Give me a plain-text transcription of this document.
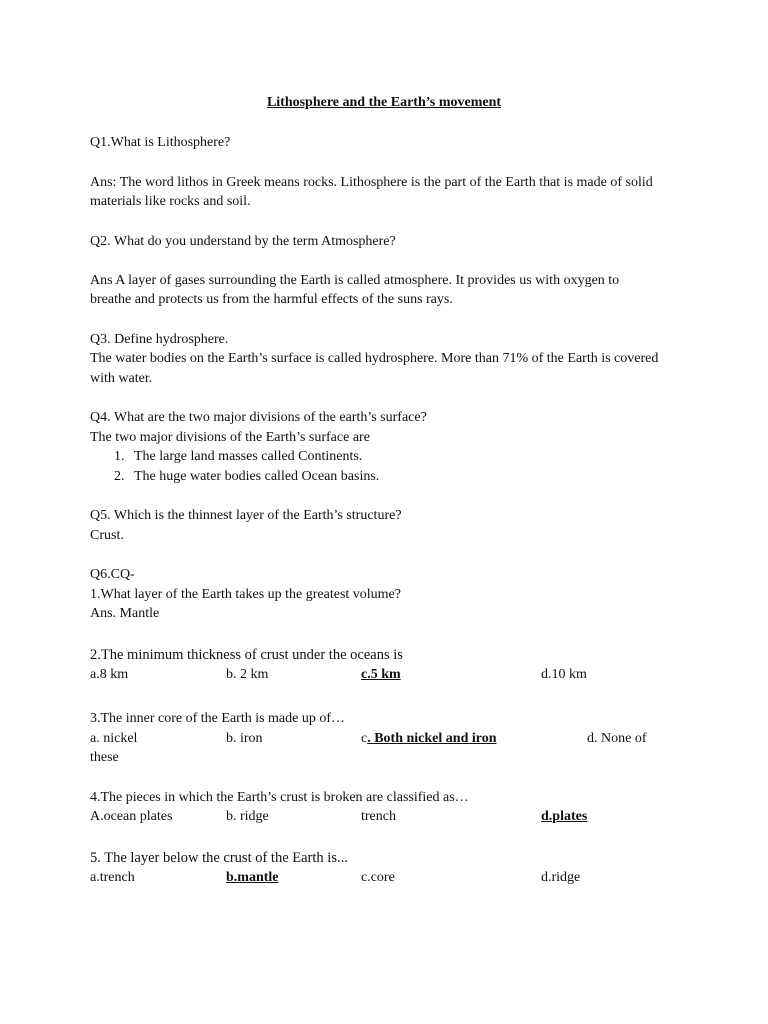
Lithosphere and the Earth’s movement
Q1.What is Lithosphere?
Ans: The word lithos in Greek means rocks. Lithosphere is the part of the Earth that is made of solid
materials like rocks and soil.
Q2. What do you understand by the term Atmosphere?
Ans A layer of gases surrounding the Earth is called atmosphere. It provides us with oxygen to
breathe and protects us from the harmful effects of the suns rays.
Q3. Define hydrosphere.
The water bodies on the Earth’s surface is called hydrosphere. More than 71% of the Earth is covered
with water.
Q4. What are the two major divisions of the earth’s surface?
The two major divisions of the Earth’s surface are
1. The large land masses called Continents.
2. The huge water bodies called Ocean basins.
Q5. Which is the thinnest layer of the Earth’s structure?
Crust.
Q6.CQ-
1.What layer of the Earth takes up the greatest volume?
Ans. Mantle
2.The minimum thickness of crust under the oceans is
a.8 km	b. 2 km	c.5 km	d.10 km
3.The inner core of the Earth is made up of…
a. nickel	b. iron	c. Both nickel and iron	d. None of
these
4.The pieces in which the Earth’s crust is broken are classified as…
A.ocean plates	b. ridge	trench	d.plates
5. The layer below the crust of the Earth is...
a.trench	b.mantle	c.core	d.ridge
